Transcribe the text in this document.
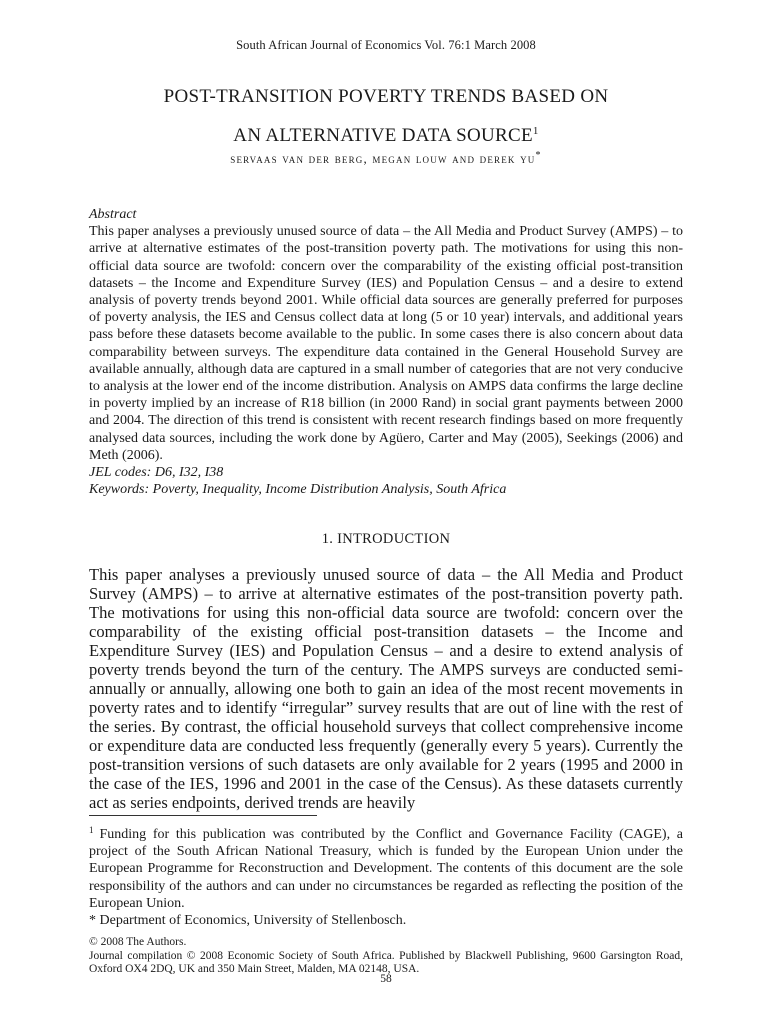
South African Journal of Economics Vol. 76:1 March 2008
POST-TRANSITION POVERTY TRENDS BASED ON
AN ALTERNATIVE DATA SOURCE$^1$
servaas van der berg, megan louw and derek yu*
Abstract
This paper analyses a previously unused source of data – the All Media and Product Survey (AMPS) – to arrive at alternative estimates of the post-transition poverty path. The motivations for using this non-official data source are twofold: concern over the comparability of the existing official post-transition datasets – the Income and Expenditure Survey (IES) and Population Census – and a desire to extend analysis of poverty trends beyond 2001. While official data sources are generally preferred for purposes of poverty analysis, the IES and Census collect data at long (5 or 10 year) intervals, and additional years pass before these datasets become available to the public. In some cases there is also concern about data comparability between surveys. The expenditure data contained in the General Household Survey are available annually, although data are captured in a small number of categories that are not very conducive to analysis at the lower end of the income distribution. Analysis on AMPS data confirms the large decline in poverty implied by an increase of R18 billion (in 2000 Rand) in social grant payments between 2000 and 2004. The direction of this trend is consistent with recent research findings based on more frequently analysed data sources, including the work done by Agüero, Carter and May (2005), Seekings (2006) and Meth (2006).
JEL codes: D6, I32, I38
Keywords: Poverty, Inequality, Income Distribution Analysis, South Africa
1. INTRODUCTION
This paper analyses a previously unused source of data – the All Media and Product Survey (AMPS) – to arrive at alternative estimates of the post-transition poverty path. The motivations for using this non-official data source are twofold: concern over the comparability of the existing official post-transition datasets – the Income and Expenditure Survey (IES) and Population Census – and a desire to extend analysis of poverty trends beyond the turn of the century. The AMPS surveys are conducted semi-annually or annually, allowing one both to gain an idea of the most recent movements in poverty rates and to identify “irregular” survey results that are out of line with the rest of the series. By contrast, the official household surveys that collect comprehensive income or expenditure data are conducted less frequently (generally every 5 years). Currently the post-transition versions of such datasets are only available for 2 years (1995 and 2000 in the case of the IES, 1996 and 2001 in the case of the Census). As these datasets currently act as series endpoints, derived trends are heavily

$^1$ Funding for this publication was contributed by the Conflict and Governance Facility (CAGE), a project of the South African National Treasury, which is funded by the European Union under the European Programme for Reconstruction and Development. The contents of this document are the sole responsibility of the authors and can under no circumstances be regarded as reflecting the position of the European Union.

* Department of Economics, University of Stellenbosch.

© 2008 The Authors.

Journal compilation © 2008 Economic Society of South Africa. Published by Blackwell Publishing, 9600 Garsington Road, Oxford OX4 2DQ, UK and 350 Main Street, Malden, MA 02148, USA.

58
